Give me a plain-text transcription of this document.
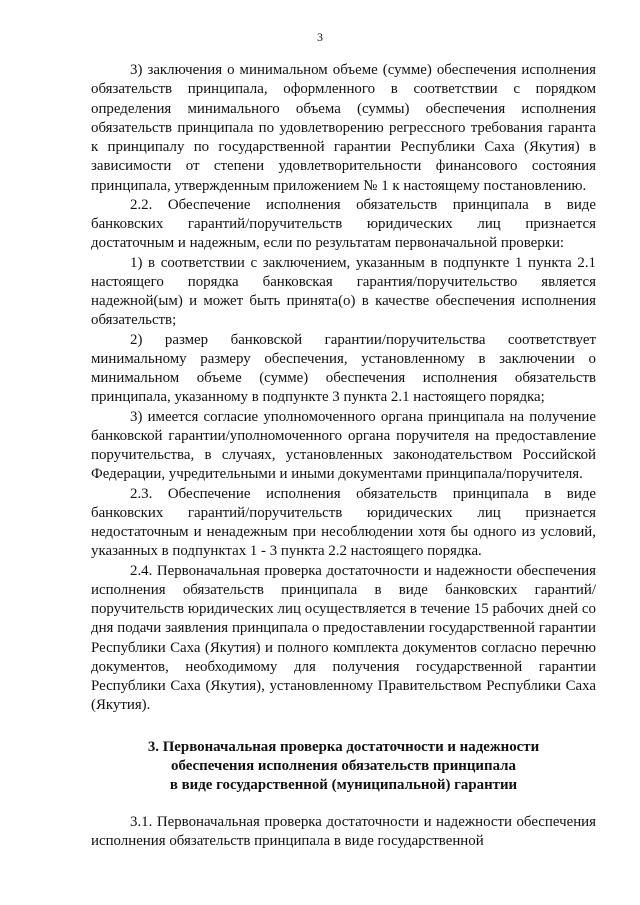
3

3) заключения о минимальном объеме (сумме) обеспечения исполнения обязательств принципала, оформленного в соответствии с порядком определения минимального объема (суммы) обеспечения исполнения обязательств принципала по удовлетворению регрессного требования гаранта к принципалу по государственной гарантии Республики Саха (Якутия) в зависимости от степени удовлетворительности финансового состояния принципала, утвержденным приложением № 1 к настоящему постановлению.

2.2. Обеспечение исполнения обязательств принципала в виде банковских гарантий/поручительств юридических лиц признается достаточным и надежным, если по результатам первоначальной проверки:

1) в соответствии с заключением, указанным в подпункте 1 пункта 2.1 настоящего порядка банковская гарантия/поручительство является надежной(ым) и может быть принята(о) в качестве обеспечения исполнения обязательств;

2) размер банковской гарантии/поручительства соответствует минимальному размеру обеспечения, установленному в заключении о минимальном объеме (сумме) обеспечения исполнения обязательств принципала, указанному в подпункте 3 пункта 2.1 настоящего порядка;

3) имеется согласие уполномоченного органа принципала на получение банковской гарантии/уполномоченного органа поручителя на предоставление поручительства, в случаях, установленных законодательством Российской Федерации, учредительными и иными документами принципала/поручителя.

2.3. Обеспечение исполнения обязательств принципала в виде банковских гарантий/поручительств юридических лиц признается недостаточным и ненадежным при несоблюдении хотя бы одного из условий, указанных в подпунктах 1 - 3 пункта 2.2 настоящего порядка.

2.4. Первоначальная проверка достаточности и надежности обеспечения исполнения обязательств принципала в виде банковских гарантий/поручительств юридических лиц осуществляется в течение 15 рабочих дней со дня подачи заявления принципала о предоставлении государственной гарантии Республики Саха (Якутия) и полного комплекта документов согласно перечню документов, необходимому для получения государственной гарантии Республики Саха (Якутия), установленному Правительством Республики Саха (Якутия).

3. Первоначальная проверка достаточности и надежности
обеспечения исполнения обязательств принципала
в виде государственной (муниципальной) гарантии

3.1. Первоначальная проверка достаточности и надежности обеспечения исполнения обязательств принципала в виде государственной
